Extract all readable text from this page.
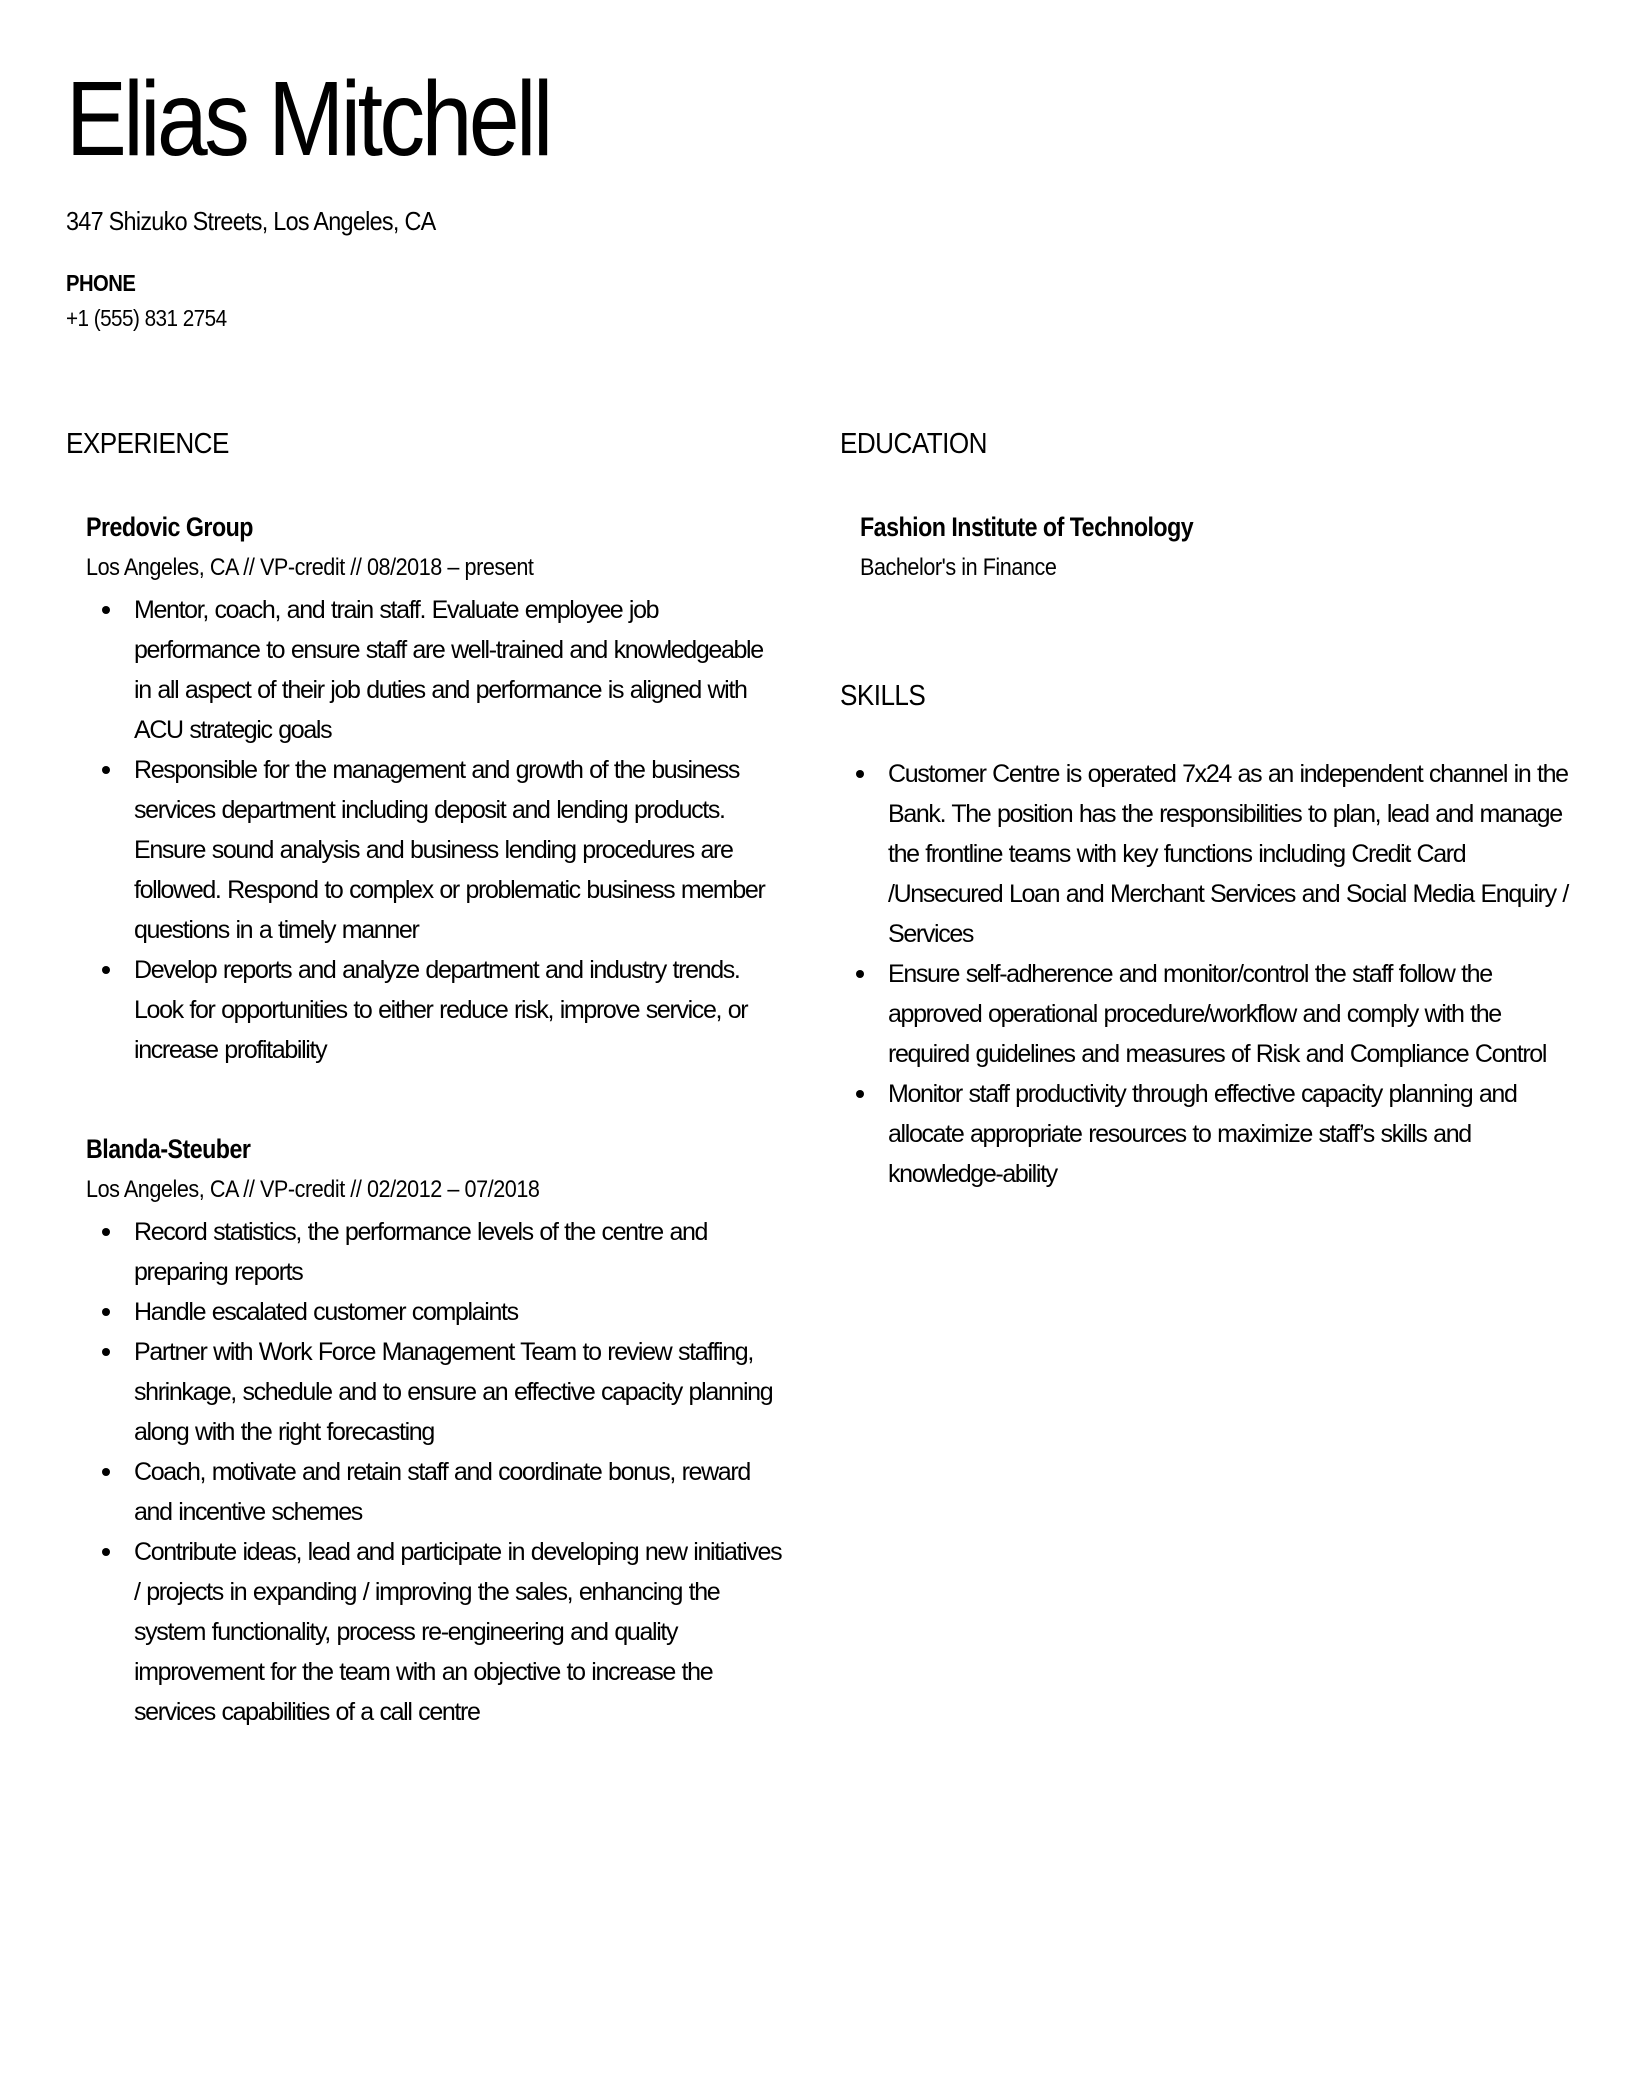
Elias Mitchell
347 Shizuko Streets, Los Angeles, CA
PHONE
+1 (555) 831 2754
EXPERIENCE
Predovic Group
Los Angeles, CA // VP-credit // 08/2018 – present
Mentor, coach, and train staff. Evaluate employee job performance to ensure staff are well-trained and knowledgeable in all aspect of their job duties and performance is aligned with ACU strategic goals
Responsible for the management and growth of the business services department including deposit and lending products. Ensure sound analysis and business lending procedures are followed. Respond to complex or problematic business member questions in a timely manner
Develop reports and analyze department and industry trends. Look for opportunities to either reduce risk, improve service, or increase profitability
Blanda-Steuber
Los Angeles, CA // VP-credit // 02/2012 – 07/2018
Record statistics, the performance levels of the centre and preparing reports
Handle escalated customer complaints
Partner with Work Force Management Team to review staffing, shrinkage, schedule and to ensure an effective capacity planning along with the right forecasting
Coach, motivate and retain staff and coordinate bonus, reward and incentive schemes
Contribute ideas, lead and participate in developing new initiatives / projects in expanding / improving the sales, enhancing the system functionality, process re-engineering and quality improvement for the team with an objective to increase the services capabilities of a call centre
EDUCATION
Fashion Institute of Technology
Bachelor's in Finance
SKILLS
Customer Centre is operated 7x24 as an independent channel in the Bank. The position has the responsibilities to plan, lead and manage the frontline teams with key functions including Credit Card /Unsecured Loan and Merchant Services and Social Media Enquiry / Services
Ensure self-adherence and monitor/control the staff follow the approved operational procedure/workflow and comply with the required guidelines and measures of Risk and Compliance Control
Monitor staff productivity through effective capacity planning and allocate appropriate resources to maximize staff’s skills and knowledge-ability
